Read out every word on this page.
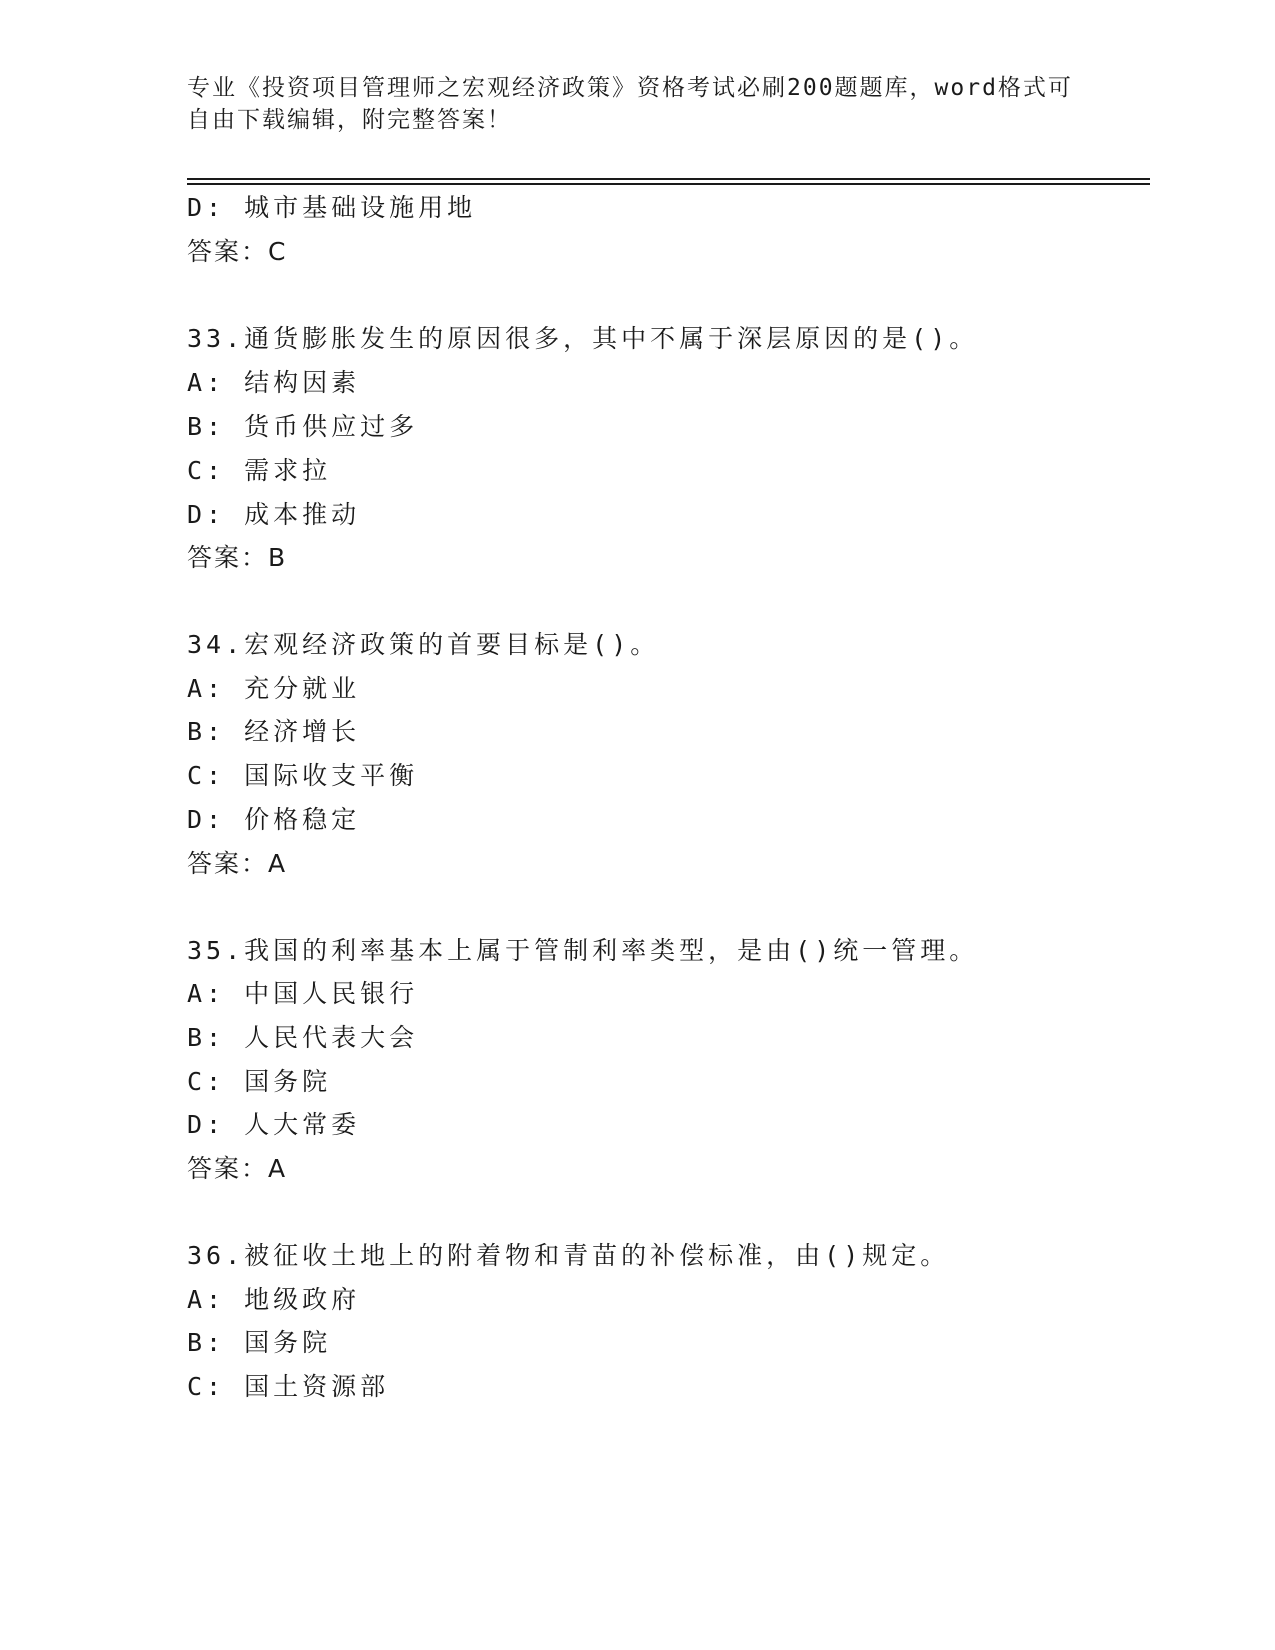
专业《投资项目管理师之宏观经济政策》资格考试必刷200题题库，word格式可
自由下载编辑，附完整答案！
D: 城市基础设施用地
答案：C
33.通货膨胀发生的原因很多，其中不属于深层原因的是()。
A: 结构因素
B: 货币供应过多
C: 需求拉
D: 成本推动
答案：B
34.宏观经济政策的首要目标是()。
A: 充分就业
B: 经济增长
C: 国际收支平衡
D: 价格稳定
答案：A
35.我国的利率基本上属于管制利率类型，是由()统一管理。
A: 中国人民银行
B: 人民代表大会
C: 国务院
D: 人大常委
答案：A
36.被征收土地上的附着物和青苗的补偿标准，由()规定。
A: 地级政府
B: 国务院
C: 国土资源部
